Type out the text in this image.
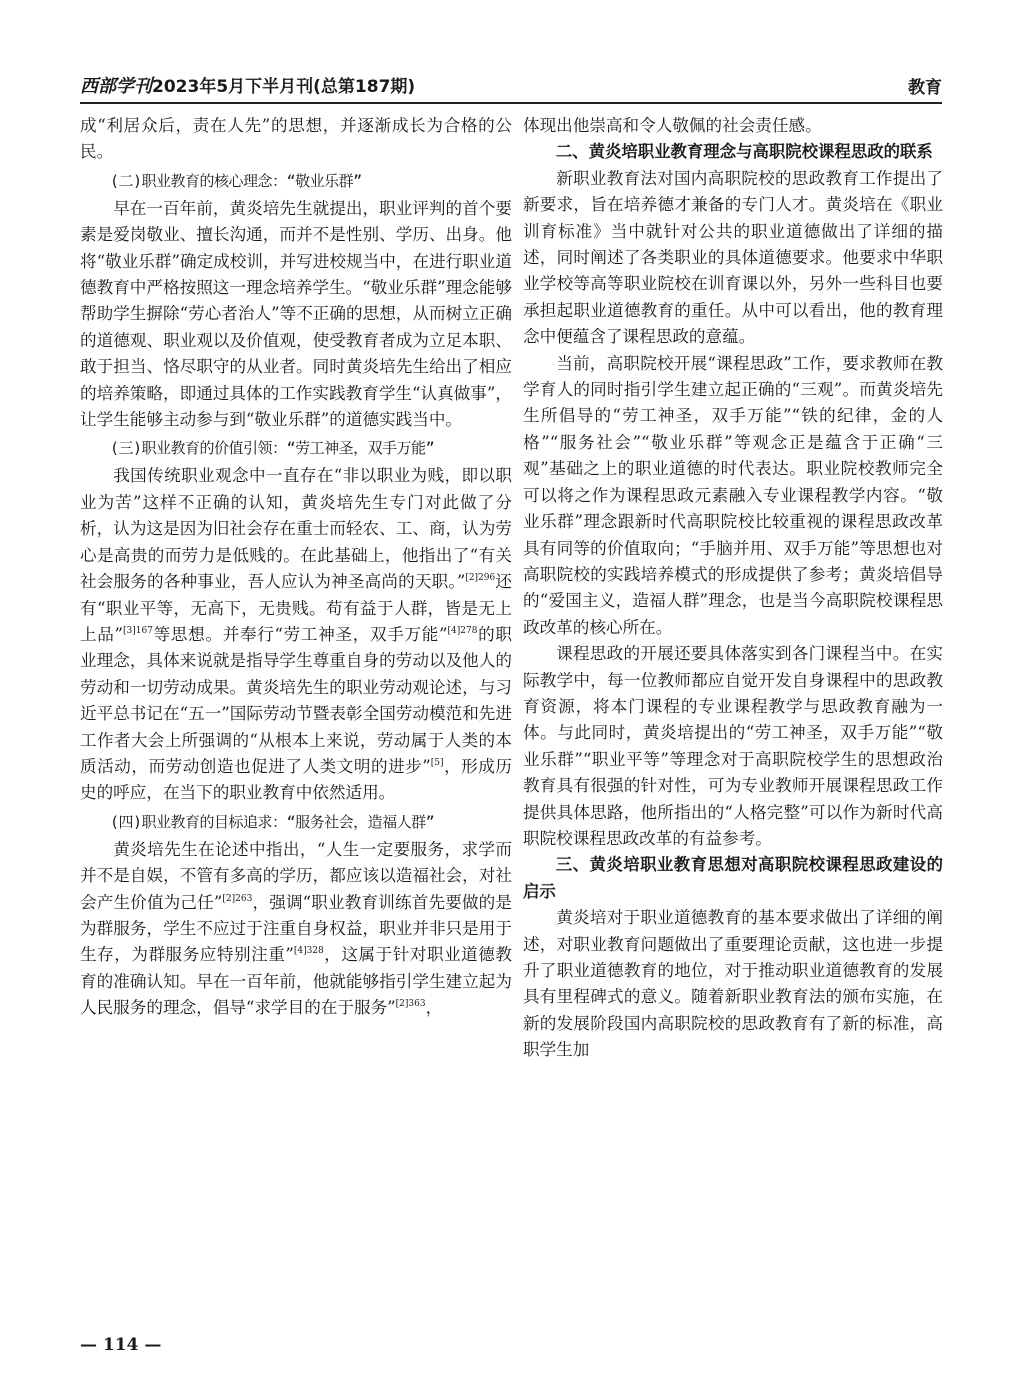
西部学刊2023年5月下半月刊(总第187期)	教育

成“利居众后，责在人先”的思想，并逐渐成长为合格的公民。

(二)职业教育的核心理念：“敬业乐群”

早在一百年前，黄炎培先生就提出，职业评判的首个要素是爱岗敬业、擅长沟通，而并不是性别、学历、出身。他将“敬业乐群”确定成校训，并写进校规当中，在进行职业道德教育中严格按照这一理念培养学生。“敬业乐群”理念能够帮助学生摒除“劳心者治人”等不正确的思想，从而树立正确的道德观、职业观以及价值观，使受教育者成为立足本职、敢于担当、恪尽职守的从业者。同时黄炎培先生给出了相应的培养策略，即通过具体的工作实践教育学生“认真做事”，让学生能够主动参与到“敬业乐群”的道德实践当中。

(三)职业教育的价值引领：“劳工神圣，双手万能”

我国传统职业观念中一直存在“非以职业为贱，即以职业为苦”这样不正确的认知，黄炎培先生专门对此做了分析，认为这是因为旧社会存在重士而轻农、工、商，认为劳心是高贵的而劳力是低贱的。在此基础上，他指出了“有关社会服务的各种事业，吾人应认为神圣高尚的天职。”$^{[2]296}$还有“职业平等，无高下，无贵贱。苟有益于人群，皆是无上上品”$^{[3]167}$等思想。并奉行“劳工神圣，双手万能”$^{[4]278}$的职业理念，具体来说就是指导学生尊重自身的劳动以及他人的劳动和一切劳动成果。黄炎培先生的职业劳动观论述，与习近平总书记在“五一”国际劳动节暨表彰全国劳动模范和先进工作者大会上所强调的“从根本上来说，劳动属于人类的本质活动，而劳动创造也促进了人类文明的进步”[5]，形成历史的呼应，在当下的职业教育中依然适用。

(四)职业教育的目标追求：“服务社会，造福人群”

黄炎培先生在论述中指出，“人生一定要服务，求学而并不是自娱，不管有多高的学历，都应该以造福社会，对社会产生价值为己任”$^{[2]263}$，强调“职业教育训练首先要做的是为群服务，学生不应过于注重自身权益，职业并非只是用于生存，为群服务应特别注重”$^{[4]328}$，这属于针对职业道德教育的准确认知。早在一百年前，他就能够指引学生建立起为人民服务的理念，倡导“求学目的在于服务”$^{[2]363}$，

体现出他崇高和令人敬佩的社会责任感。

二、黄炎培职业教育理念与高职院校课程思政的联系

新职业教育法对国内高职院校的思政教育工作提出了新要求，旨在培养德才兼备的专门人才。黄炎培在《职业训育标准》当中就针对公共的职业道德做出了详细的描述，同时阐述了各类职业的具体道德要求。他要求中华职业学校等高等职业院校在训育课以外，另外一些科目也要承担起职业道德教育的重任。从中可以看出，他的教育理念中便蕴含了课程思政的意蕴。

当前，高职院校开展“课程思政”工作，要求教师在教学育人的同时指引学生建立起正确的“三观”。而黄炎培先生所倡导的“劳工神圣，双手万能”“铁的纪律，金的人格”“服务社会”“敬业乐群”等观念正是蕴含于正确“三观”基础之上的职业道德的时代表达。职业院校教师完全可以将之作为课程思政元素融入专业课程教学内容。“敬业乐群”理念跟新时代高职院校比较重视的课程思政改革具有同等的价值取向；“手脑并用、双手万能”等思想也对高职院校的实践培养模式的形成提供了参考；黄炎培倡导的“爱国主义，造福人群”理念，也是当今高职院校课程思政改革的核心所在。

课程思政的开展还要具体落实到各门课程当中。在实际教学中，每一位教师都应自觉开发自身课程中的思政教育资源，将本门课程的专业课程教学与思政教育融为一体。与此同时，黄炎培提出的“劳工神圣，双手万能”“敬业乐群”“职业平等”等理念对于高职院校学生的思想政治教育具有很强的针对性，可为专业教师开展课程思政工作提供具体思路，他所指出的“人格完整”可以作为新时代高职院校课程思政改革的有益参考。

三、黄炎培职业教育思想对高职院校课程思政建设的启示

黄炎培对于职业道德教育的基本要求做出了详细的阐述，对职业教育问题做出了重要理论贡献，这也进一步提升了职业道德教育的地位，对于推动职业道德教育的发展具有里程碑式的意义。随着新职业教育法的颁布实施，在新的发展阶段国内高职院校的思政教育有了新的标准，高职学生加

— 114 —
